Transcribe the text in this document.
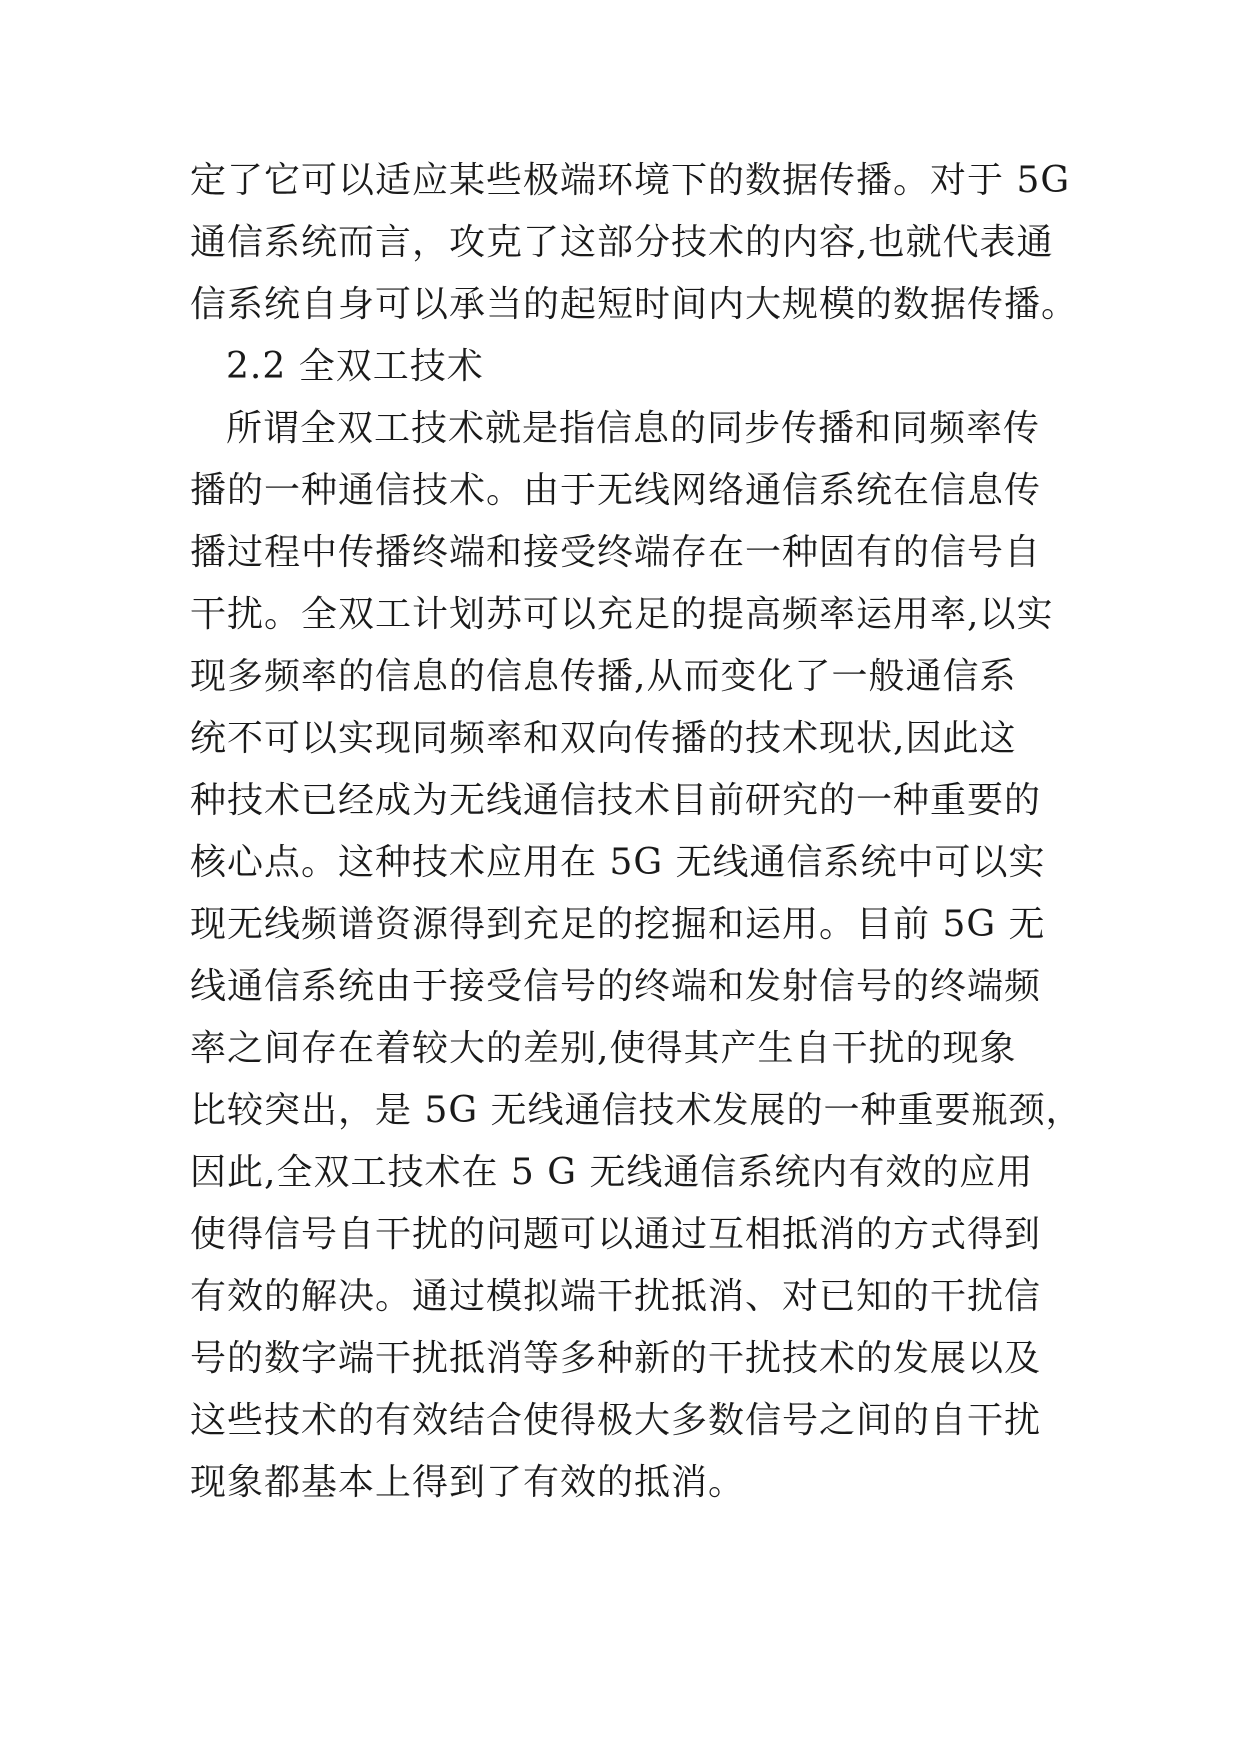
定了它可以适应某些极端环境下的数据传播。对于 5G
通信系统而言，攻克了这部分技术的内容,也就代表通
信系统自身可以承当的起短时间内大规模的数据传播。
2.2 全双工技术
所谓全双工技术就是指信息的同步传播和同频率传
播的一种通信技术。由于无线网络通信系统在信息传
播过程中传播终端和接受终端存在一种固有的信号自
干扰。全双工计划苏可以充足的提高频率运用率,以实
现多频率的信息的信息传播,从而变化了一般通信系
统不可以实现同频率和双向传播的技术现状,因此这
种技术已经成为无线通信技术目前研究的一种重要的
核心点。这种技术应用在 5G 无线通信系统中可以实
现无线频谱资源得到充足的挖掘和运用。目前 5G 无
线通信系统由于接受信号的终端和发射信号的终端频
率之间存在着较大的差别,使得其产生自干扰的现象
比较突出，是 5G 无线通信技术发展的一种重要瓶颈，
因此,全双工技术在 5 G 无线通信系统内有效的应用
使得信号自干扰的问题可以通过互相抵消的方式得到
有效的解决。通过模拟端干扰抵消、对已知的干扰信
号的数字端干扰抵消等多种新的干扰技术的发展以及
这些技术的有效结合使得极大多数信号之间的自干扰
现象都基本上得到了有效的抵消。
